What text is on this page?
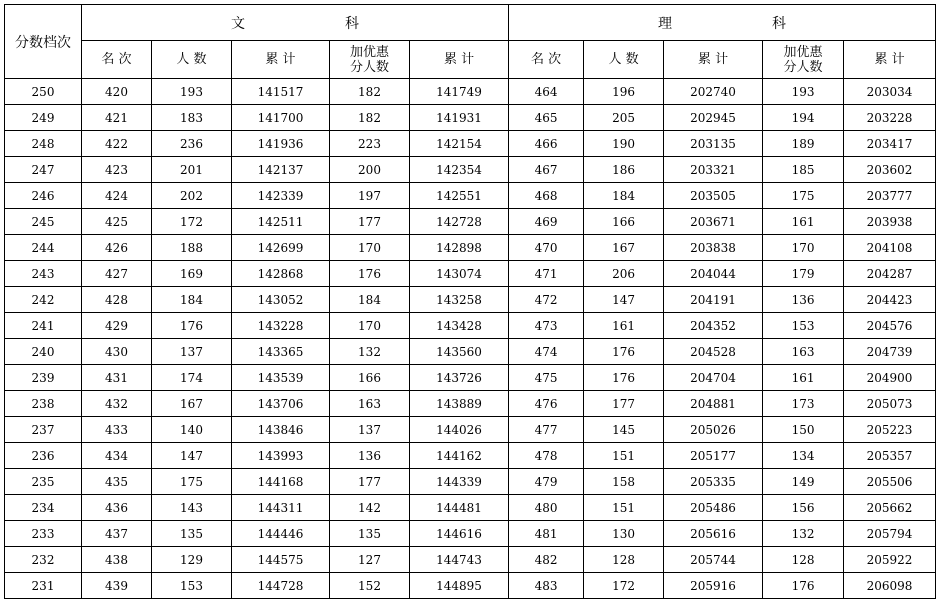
分数档次	文 科					理 科				
	名 次	人 数	累 计	加优惠分人数	累 计	名 次	人 数	累 计	加优惠分人数	累 计
250	420	193	141517	182	141749	464	196	202740	193	203034
249	421	183	141700	182	141931	465	205	202945	194	203228
248	422	236	141936	223	142154	466	190	203135	189	203417
247	423	201	142137	200	142354	467	186	203321	185	203602
246	424	202	142339	197	142551	468	184	203505	175	203777
245	425	172	142511	177	142728	469	166	203671	161	203938
244	426	188	142699	170	142898	470	167	203838	170	204108
243	427	169	142868	176	143074	471	206	204044	179	204287
242	428	184	143052	184	143258	472	147	204191	136	204423
241	429	176	143228	170	143428	473	161	204352	153	204576
240	430	137	143365	132	143560	474	176	204528	163	204739
239	431	174	143539	166	143726	475	176	204704	161	204900
238	432	167	143706	163	143889	476	177	204881	173	205073
237	433	140	143846	137	144026	477	145	205026	150	205223
236	434	147	143993	136	144162	478	151	205177	134	205357
235	435	175	144168	177	144339	479	158	205335	149	205506
234	436	143	144311	142	144481	480	151	205486	156	205662
233	437	135	144446	135	144616	481	130	205616	132	205794
232	438	129	144575	127	144743	482	128	205744	128	205922
231	439	153	144728	152	144895	483	172	205916	176	206098
